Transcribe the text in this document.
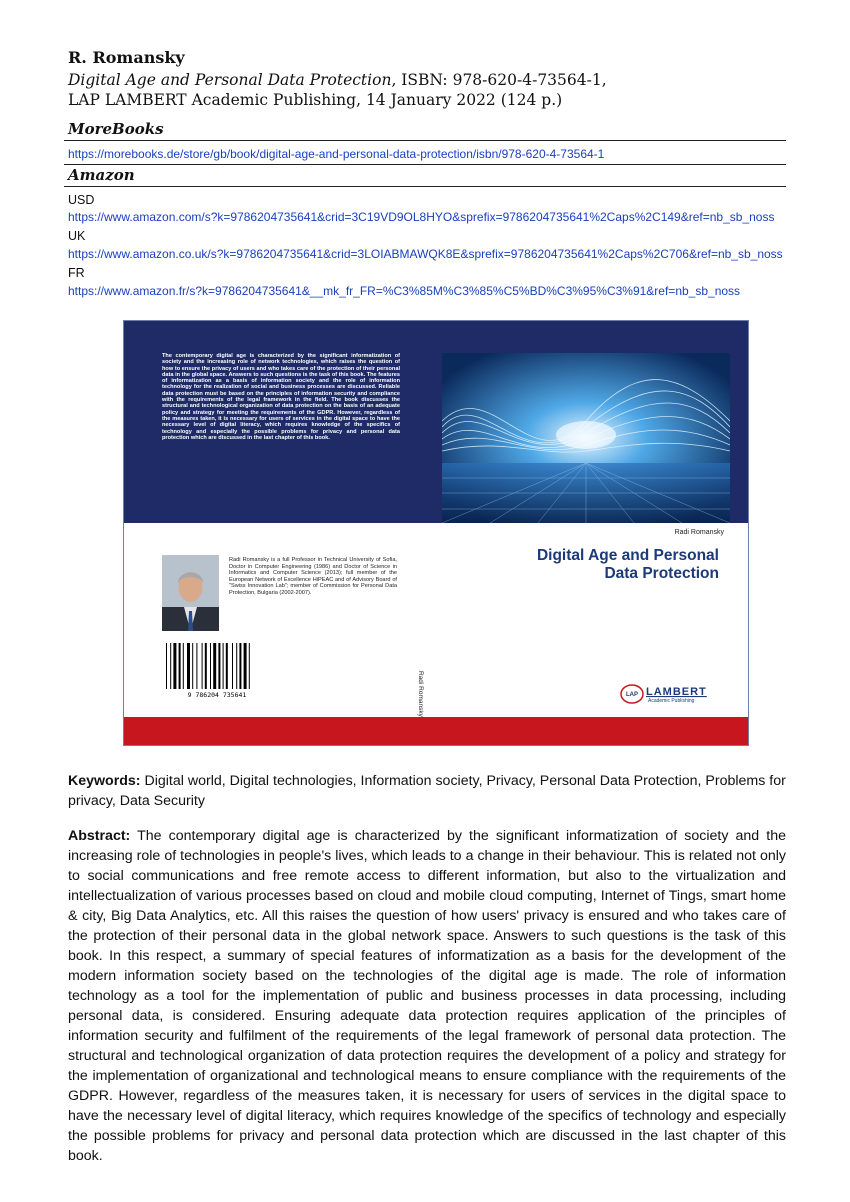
R. Romansky
Digital Age and Personal Data Protection, ISBN: 978-620-4-73564-1,
LAP LAMBERT Academic Publishing, 14 January 2022 (124 p.)
MoreBooks
https://morebooks.de/store/gb/book/digital-age-and-personal-data-protection/isbn/978-620-4-73564-1
Amazon
USD
https://www.amazon.com/s?k=9786204735641&crid=3C19VD9OL8HYO&sprefix=9786204735641%2Caps%2C149&ref=nb_sb_noss
UK
https://www.amazon.co.uk/s?k=9786204735641&crid=3LOIABMAWQK8E&sprefix=9786204735641%2Caps%2C706&ref=nb_sb_noss
FR
https://www.amazon.fr/s?k=9786204735641&__mk_fr_FR=%C3%85M%C3%85%C5%BD%C3%95%C3%91&ref=nb_sb_noss
The contemporary digital age is characterized by the significant informatization of society and the increasing role of network technologies, which raises the question of how to ensure the privacy of users and who takes care of the protection of their personal data in the global space. Answers to such questions is the task of this book. The features of informatization as a basis of information society and the role of information technology for the realization of social and business processes are discussed. Reliable data protection must be based on the principles of information security and compliance with the requirements of the legal framework in the field. The book discusses the structural and technological organization of data protection on the basis of an adequate policy and strategy for meeting the requirements of the GDPR. However, regardless of the measures taken, it is necessary for users of services in the digital space to have the necessary level of digital literacy, which requires knowledge of the specifics of technology and especially the possible problems for privacy and personal data protection which are discussed in the last chapter of this book.
Radi Romansky
Digital Age and Personal
Data Protection
Radi Romansky is a full Professor in Technical University of Sofia, Doctor in Computer Engineering (1986) and Doctor of Science in Informatics and Computer Science (2013); full member of the European Network of Excellence HiPEAC and of Advisory Board of "Swiss Innovation Lab"; member of Commission for Personal Data Protection, Bulgaria (2002-2007).
9 786204 735641	Radi Romansky	LAP LAMBERT
Academic Publishing
Keywords: Digital world, Digital technologies, Information society, Privacy, Personal Data Protection, Problems for privacy, Data Security
Abstract: The contemporary digital age is characterized by the significant informatization of society and the increasing role of technologies in people's lives, which leads to a change in their behaviour. This is related not only to social communications and free remote access to different information, but also to the virtualization and intellectualization of various processes based on cloud and mobile cloud computing, Internet of Tings, smart home & city, Big Data Analytics, etc. All this raises the question of how users' privacy is ensured and who takes care of the protection of their personal data in the global network space. Answers to such questions is the task of this book. In this respect, a summary of special features of informatization as a basis for the development of the modern information society based on the technologies of the digital age is made. The role of information technology as a tool for the implementation of public and business processes in data processing, including personal data, is considered. Ensuring adequate data protection requires application of the principles of information security and fulfilment of the requirements of the legal framework of personal data protection. The structural and technological organization of data protection requires the development of a policy and strategy for the implementation of organizational and technological means to ensure compliance with the requirements of the GDPR. However, regardless of the measures taken, it is necessary for users of services in the digital space to have the necessary level of digital literacy, which requires knowledge of the specifics of technology and especially the possible problems for privacy and personal data protection which are discussed in the last chapter of this book.
